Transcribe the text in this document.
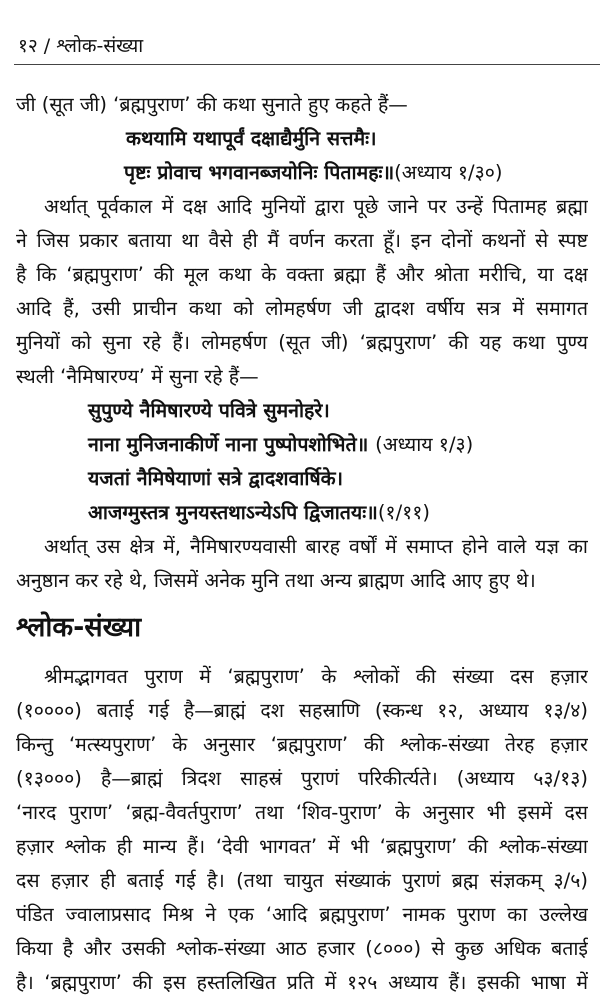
१२ / श्लोक-संख्या
जी (सूत जी) ‘ब्रह्मपुराण’ की कथा सुनाते हुए कहते हैं—
कथयामि यथापूर्वं दक्षाद्यैर्मुनि सत्तमैः।
पृष्टः प्रोवाच भगवानब्जयोनिः पितामहः॥(अध्याय १/३०)
अर्थात् पूर्वकाल में दक्ष आदि मुनियों द्वारा पूछे जाने पर उन्हें पितामह ब्रह्मा
ने जिस प्रकार बताया था वैसे ही मैं वर्णन करता हूँ। इन दोनों कथनों से स्पष्ट
है कि ‘ब्रह्मपुराण’ की मूल कथा के वक्ता ब्रह्मा हैं और श्रोता मरीचि, या दक्ष
आदि हैं, उसी प्राचीन कथा को लोमहर्षण जी द्वादश वर्षीय सत्र में समागत
मुनियों को सुना रहे हैं। लोमहर्षण (सूत जी) ‘ब्रह्मपुराण’ की यह कथा पुण्य
स्थली ‘नैमिषारण्य’ में सुना रहे हैं—
सुपुण्ये नैमिषारण्ये पवित्रे सुमनोहरे।
नाना मुनिजनाकीर्णे नाना पुष्पोपशोभिते॥ (अध्याय १/३)
यजतां नैमिषेयाणां सत्रे द्वादशवार्षिके।
आजग्मुस्तत्र मुनयस्तथाऽन्येऽपि द्विजातयः॥(१/११)
अर्थात् उस क्षेत्र में, नैमिषारण्यवासी बारह वर्षों में समाप्त होने वाले यज्ञ का
अनुष्ठान कर रहे थे, जिसमें अनेक मुनि तथा अन्य ब्राह्मण आदि आए हुए थे।
श्लोक-संख्या
श्रीमद्भागवत पुराण में ‘ब्रह्मपुराण’ के श्लोकों की संख्या दस हज़ार
(१००००) बताई गई है—ब्राह्मं दश सहस्राणि (स्कन्ध १२, अध्याय १३/४)
किन्तु ‘मत्स्यपुराण’ के अनुसार ‘ब्रह्मपुराण’ की श्लोक-संख्या तेरह हज़ार
(१३०००) है—ब्राह्मं त्रिदश साहस्रं पुराणं परिकीर्त्यते। (अध्याय ५३/१३)
‘नारद पुराण’ ‘ब्रह्म-वैवर्तपुराण’ तथा ‘शिव-पुराण’ के अनुसार भी इसमें दस
हज़ार श्लोक ही मान्य हैं। ‘देवी भागवत’ में भी ‘ब्रह्मपुराण’ की श्लोक-संख्या
दस हज़ार ही बताई गई है। (तथा चायुत संख्याकं पुराणं ब्रह्म संज्ञकम् ३/५)
पंडित ज्वालाप्रसाद मिश्र ने एक ‘आदि ब्रह्मपुराण’ नामक पुराण का उल्लेख
किया है और उसकी श्लोक-संख्या आठ हजार (८०००) से कुछ अधिक बताई
है। ‘ब्रह्मपुराण’ की इस हस्तलिखित प्रति में १२५ अध्याय हैं। इसकी भाषा में
